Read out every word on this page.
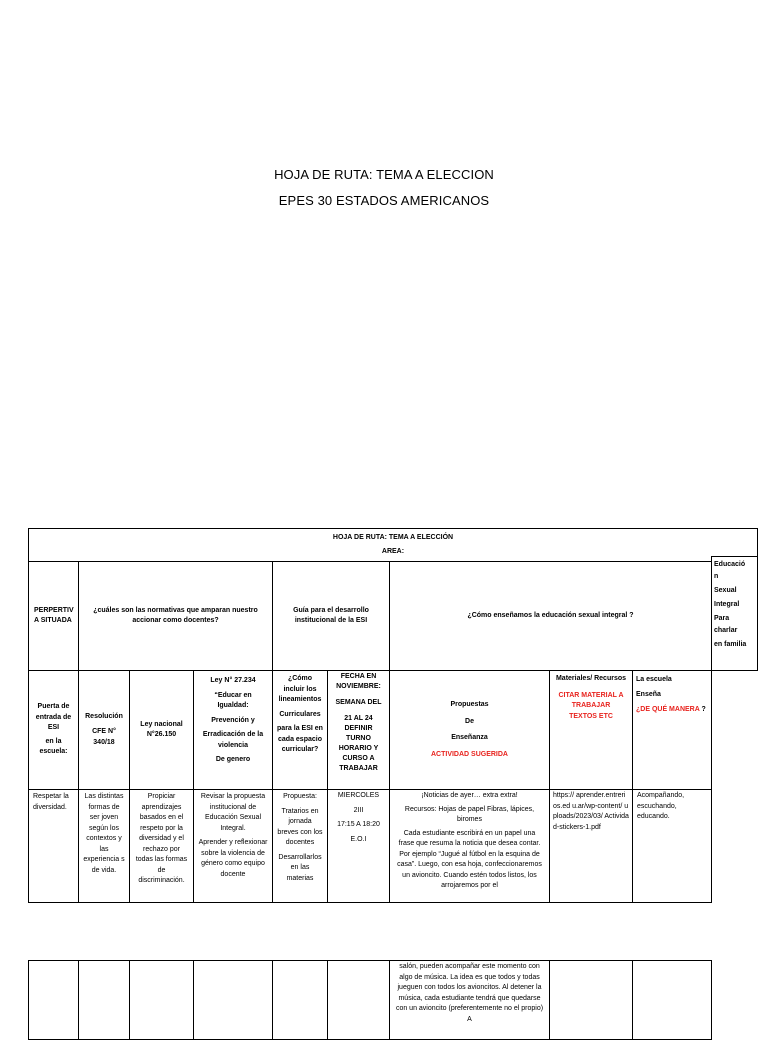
HOJA DE RUTA: TEMA A ELECCION
EPES 30 ESTADOS AMERICANOS

HOJA DE RUTA: TEMA A ELECCIÓN

AREA:

PERPERTIV A SITUADA

¿cuáles son las normativas que amparan nuestro accionar como docentes?

Guía para el desarrollo institucional de la ESI

¿Cómo enseñamos la educación sexual integral ?

Educació

n

Sexual

Integral

Para

charlar

en familia

Puerta de

entrada de

ESI

en la

escuela:

Resolución

CFE N°

340/18

Ley nacional

N°26.150

Ley N° 27.234

“Educar en

Igualdad:

Prevención y

Erradicación de la

violencia

De genero

¿Cómo

incluir los

lineamientos

Curriculares

para la ESI en

cada espacio

curricular?

FECHA EN

NOVIEMBRE:

SEMANA DEL

21 AL 24

DEFINIR

TURNO

HORARIO Y

CURSO A

TRABAJAR

Propuestas

De

Enseñanza

ACTIVIDAD SUGERIDA

Materiales/ Recursos

CITAR MATERIAL A TRABAJAR TEXTOS ETC

La escuela

Enseña

¿DE QUÉ MANERA ?

Respetar la diversidad.

Las distintas formas de ser joven según los contextos y las experiencia s de vida.

Propiciar aprendizajes basados en el respeto por la diversidad y el rechazo por todas las formas de discriminación.

Revisar la propuesta institucional de Educación Sexual Integral.

Aprender y reflexionar sobre la violencia de género como equipo docente

Propuesta:

Tratarios en jornada breves con los docentes

Desarrollarlos en las materias

MIERCOLES

2III

17:15 A 18:20

E.O.I

¡Noticias de ayer… extra extra!

Recursos: Hojas de papel Fibras, lápices, biromes

Cada estudiante escribirá en un papel una frase que resuma la noticia que desea contar. Por ejemplo “Jugué al fútbol en la esquina de casa”. Luego, con esa hoja, confeccionaremos un avioncito. Cuando estén todos listos, los arrojaremos por el

https:// aprender.entrerios.ed u.ar/wp-content/ uploads/2023/03/ Actividad-stickers-1.pdf

Acompañando, escuchando, educando.

salón, pueden acompañar este momento con algo de música. La idea es que todos y todas jueguen con todos los avioncitos. Al detener la música, cada estudiante tendrá que quedarse con un avioncito (preferentemente no el propio) A
